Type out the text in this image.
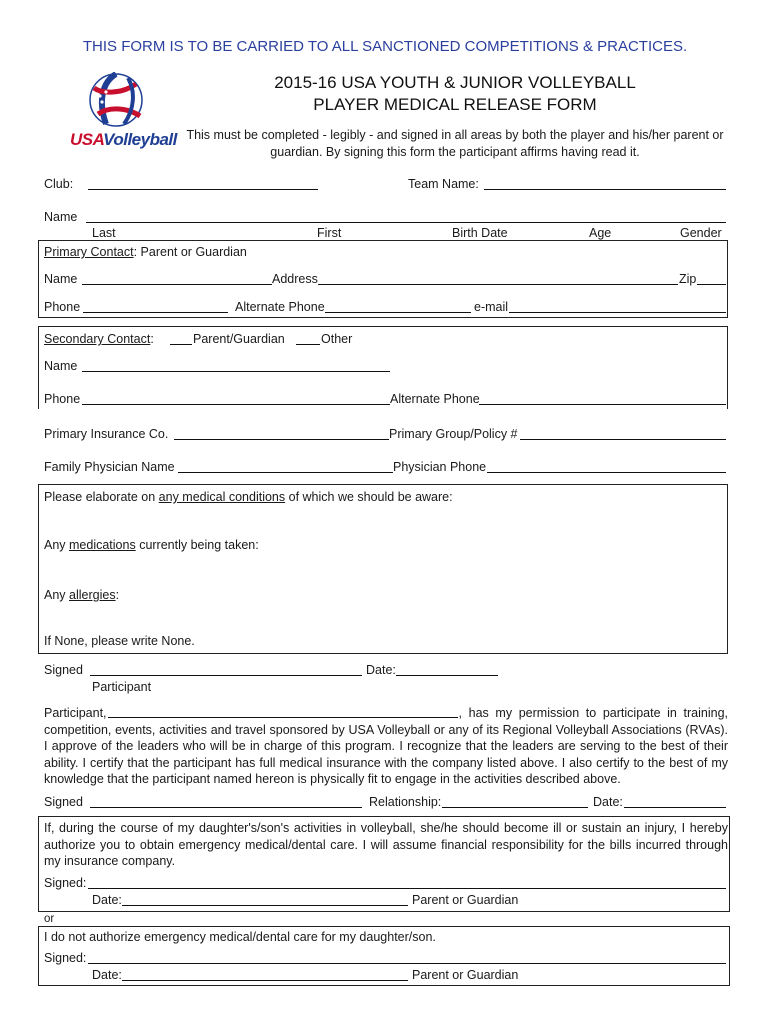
THIS FORM IS TO BE CARRIED TO ALL SANCTIONED COMPETITIONS & PRACTICES.
USAVolleyball
2015-16 USA YOUTH & JUNIOR VOLLEYBALL
PLAYER MEDICAL RELEASE FORM
This must be completed - legibly - and signed in all areas by both the player and his/her parent or guardian. By signing this form the participant affirms having read it.
Club:	Team Name:
Name
Last	First	Birth Date	Age	Gender
Primary Contact: Parent or Guardian
Name	Address	Zip
Phone	Alternate Phone	e-mail
Secondary Contact:	Parent/Guardian	Other
Name
Phone	Alternate Phone
Primary Insurance Co.	Primary Group/Policy #
Family Physician Name	Physician Phone
Please elaborate on any medical conditions of which we should be aware:
Any medications currently being taken:
Any allergies:
If None, please write None.
Signed	Date:
Participant
Participant,	, has my permission to participate in training, competition, events, activities and travel sponsored by USA Volleyball or any of its Regional Volleyball Associations (RVAs). I approve of the leaders who will be in charge of this program. I recognize that the leaders are serving to the best of their ability. I certify that the participant has full medical insurance with the company listed above. I also certify to the best of my knowledge that the participant named hereon is physically fit to engage in the activities described above.
Signed	Relationship:	Date:
If, during the course of my daughter's/son's activities in volleyball, she/he should become ill or sustain an injury, I hereby authorize you to obtain emergency medical/dental care. I will assume financial responsibility for the bills incurred through my insurance company.
Signed:
Date:	Parent or Guardian
or
I do not authorize emergency medical/dental care for my daughter/son.
Signed:
Date:	Parent or Guardian
